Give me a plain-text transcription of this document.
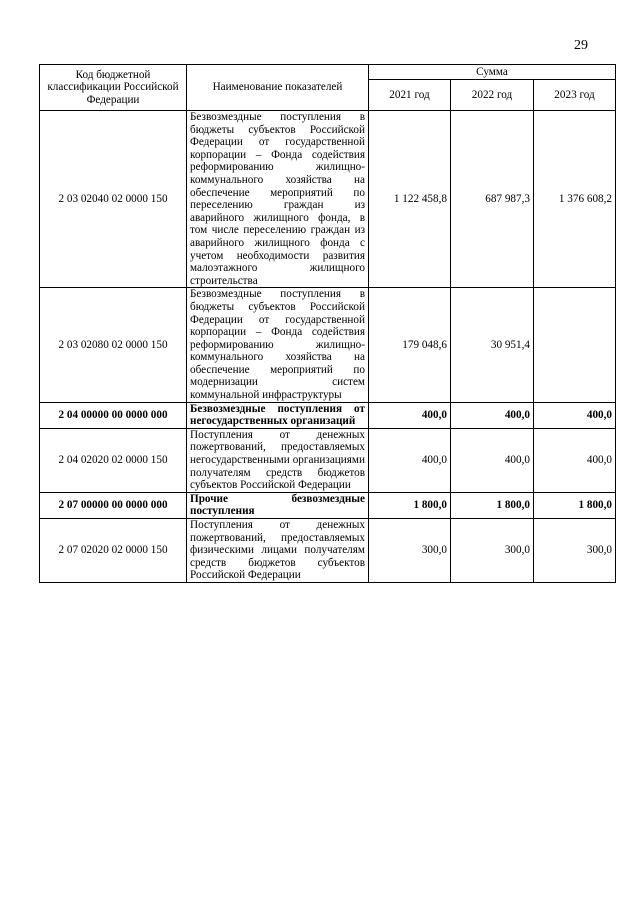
29
Код бюджетной классификации Российской Федерации	Наименование показателей	Сумма		
		2021 год	2022 год	2023 год
2 03 02040 02 0000 150	Безвозмездные поступления в бюджеты субъектов Российской Федерации от государственной корпорации – Фонда содействия реформированию жилищно-коммунального хозяйства на обеспечение мероприятий по переселению граждан из аварийного жилищного фонда, в том числе переселению граждан из аварийного жилищного фонда с учетом необходимости развития малоэтажного жилищного строительства	1 122 458,8	687 987,3	1 376 608,2
2 03 02080 02 0000 150	Безвозмездные поступления в бюджеты субъектов Российской Федерации от государственной корпорации – Фонда содействия реформированию жилищно-коммунального хозяйства на обеспечение мероприятий по модернизации систем коммунальной инфраструктуры	179 048,6	30 951,4	
2 04 00000 00 0000 000	Безвозмездные поступления от негосударственных организаций	400,0	400,0	400,0
2 04 02020 02 0000 150	Поступления от денежных пожертвований, предоставляемых негосударственными организациями получателям средств бюджетов субъектов Российской Федерации	400,0	400,0	400,0
2 07 00000 00 0000 000	Прочие безвозмездные поступления	1 800,0	1 800,0	1 800,0
2 07 02020 02 0000 150	Поступления от денежных пожертвований, предоставляемых физическими лицами получателям средств бюджетов субъектов Российской Федерации	300,0	300,0	300,0
